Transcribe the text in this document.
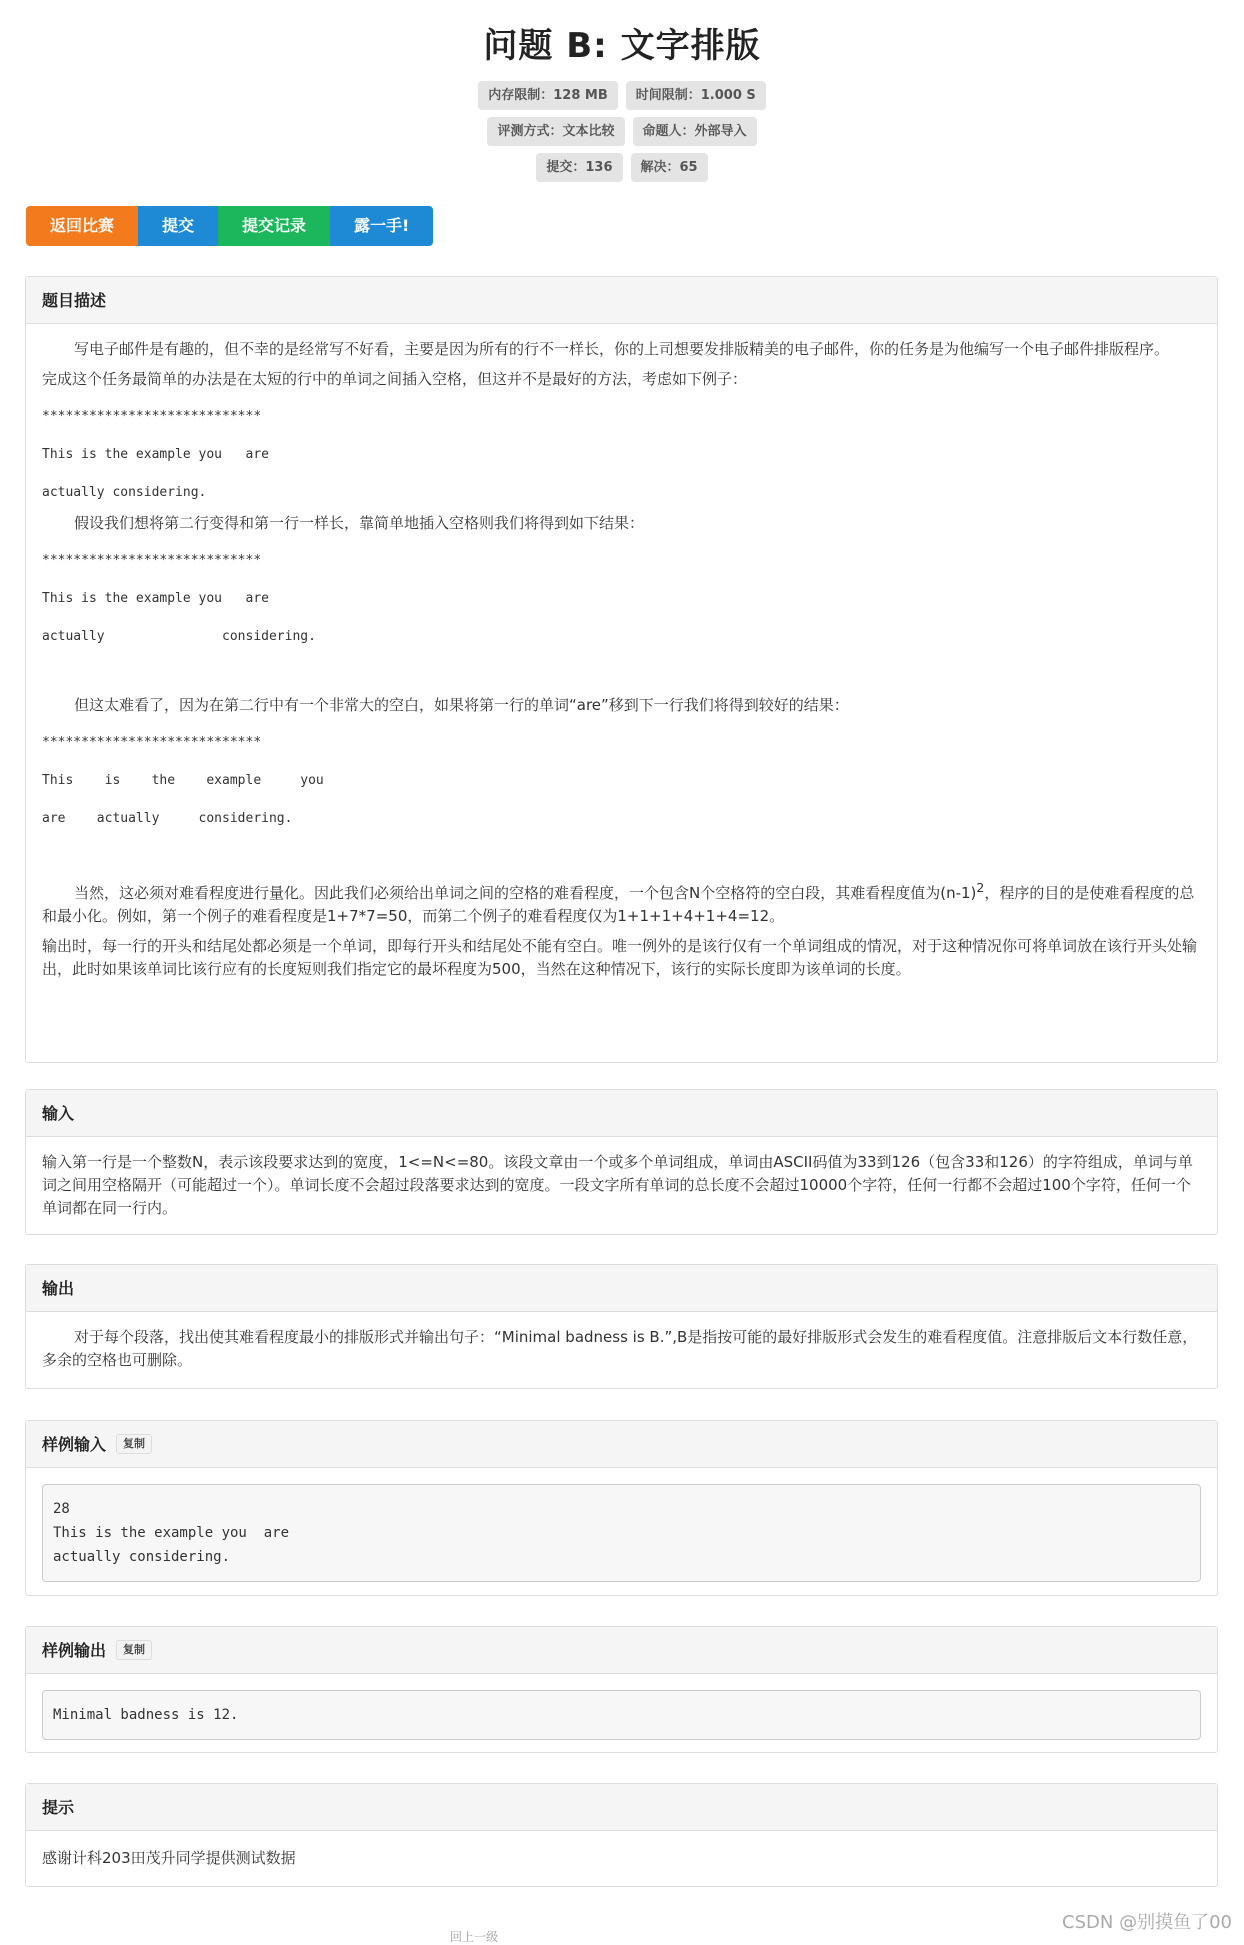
问题 B: 文字排版
内存限制：128 MB	时间限制：1.000 S
评测方式：文本比较	命题人：外部导入
提交：136	解决：65
返回比赛	提交	提交记录	露一手!
题目描述
写电子邮件是有趣的，但不幸的是经常写不好看，主要是因为所有的行不一样长，你的上司想要发排版精美的电子邮件，你的任务是为他编写一个电子邮件排版程序。
完成这个任务最简单的办法是在太短的行中的单词之间插入空格，但这并不是最好的方法，考虑如下例子：
****************************
This is the example you   are
actually considering.
假设我们想将第二行变得和第一行一样长，靠简单地插入空格则我们将得到如下结果：
****************************
This is the example you   are
actually               considering.
但这太难看了，因为在第二行中有一个非常大的空白，如果将第一行的单词“are”移到下一行我们将得到较好的结果：
****************************
This    is    the    example     you
are    actually     considering.
当然，这必须对难看程度进行量化。因此我们必须给出单词之间的空格的难看程度，一个包含N个空格符的空白段，其难看程度值为$(n-1)^2$，程序的目的是使难看程度的总和最小化。例如，第一个例子的难看程度是1+7*7=50，而第二个例子的难看程度仅为1+1+1+4+1+4=12。
输出时，每一行的开头和结尾处都必须是一个单词，即每行开头和结尾处不能有空白。唯一例外的是该行仅有一个单词组成的情况，对于这种情况你可将单词放在该行开头处输出，此时如果该单词比该行应有的长度短则我们指定它的最坏程度为500，当然在这种情况下，该行的实际长度即为该单词的长度。
输入
输入第一行是一个整数N，表示该段要求达到的宽度，1<=N<=80。该段文章由一个或多个单词组成，单词由ASCII码值为33到126（包含33和126）的字符组成，单词与单词之间用空格隔开（可能超过一个）。单词长度不会超过段落要求达到的宽度。一段文字所有单词的总长度不会超过10000个字符，任何一行都不会超过100个字符，任何一个单词都在同一行内。
输出
对于每个段落，找出使其难看程度最小的排版形式并输出句子：“Minimal badness is B.”,B是指按可能的最好排版形式会发生的难看程度值。注意排版后文本行数任意，多余的空格也可删除。
样例输入	复制
28
This is the example you  are
actually considering.
样例输出	复制
Minimal badness is 12.
提示
感谢计科203田茂升同学提供测试数据
回上一级
CSDN @别摸鱼了00
